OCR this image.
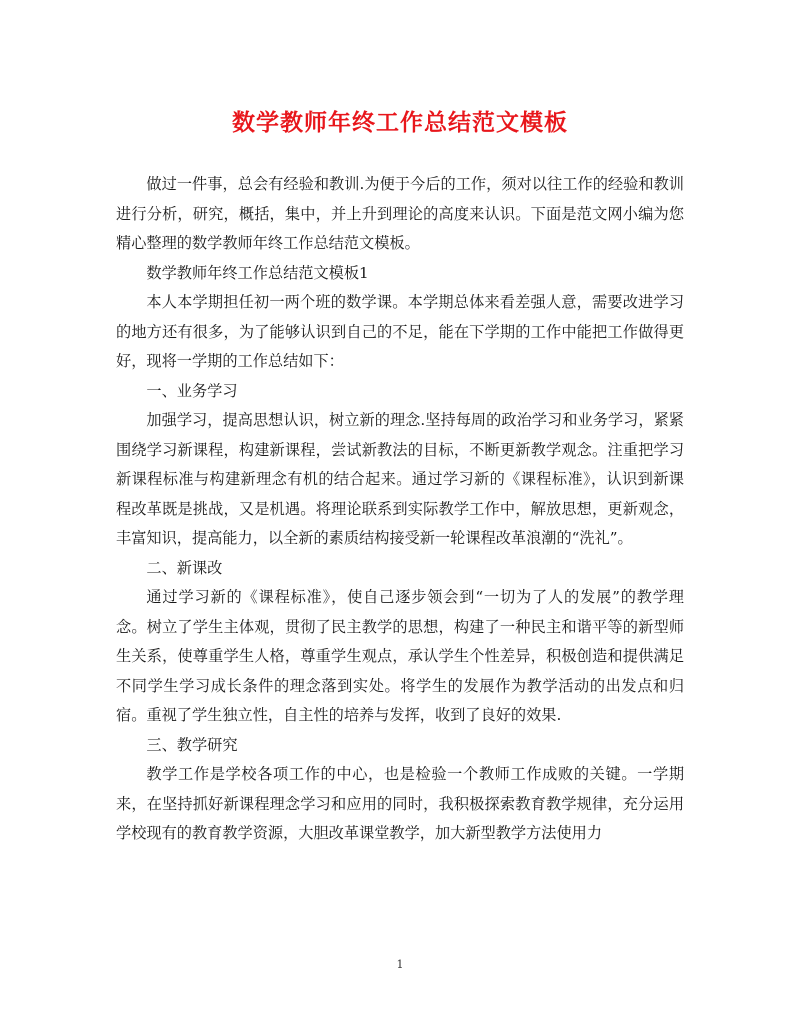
数学教师年终工作总结范文模板

做过一件事，总会有经验和教训.为便于今后的工作，须对以往工作的经验和教训进行分析，研究，概括，集中，并上升到理论的高度来认识。下面是范文网小编为您精心整理的数学教师年终工作总结范文模板。

数学教师年终工作总结范文模板1

本人本学期担任初一两个班的数学课。本学期总体来看差强人意，需要改进学习的地方还有很多，为了能够认识到自己的不足，能在下学期的工作中能把工作做得更好，现将一学期的工作总结如下：

一、业务学习

加强学习，提高思想认识，树立新的理念.坚持每周的政治学习和业务学习，紧紧围绕学习新课程，构建新课程，尝试新教法的目标，不断更新教学观念。注重把学习新课程标准与构建新理念有机的结合起来。通过学习新的《课程标准》，认识到新课程改革既是挑战，又是机遇。将理论联系到实际教学工作中，解放思想，更新观念，丰富知识，提高能力，以全新的素质结构接受新一轮课程改革浪潮的“洗礼”。

二、新课改

通过学习新的《课程标准》，使自己逐步领会到“一切为了人的发展”的教学理念。树立了学生主体观，贯彻了民主教学的思想，构建了一种民主和谐平等的新型师生关系，使尊重学生人格，尊重学生观点，承认学生个性差异，积极创造和提供满足不同学生学习成长条件的理念落到实处。将学生的发展作为教学活动的出发点和归宿。重视了学生独立性，自主性的培养与发挥，收到了良好的效果.

三、教学研究

教学工作是学校各项工作的中心，也是检验一个教师工作成败的关键。一学期来，在坚持抓好新课程理念学习和应用的同时，我积极探索教育教学规律，充分运用学校现有的教育教学资源，大胆改革课堂教学，加大新型教学方法使用力

1
